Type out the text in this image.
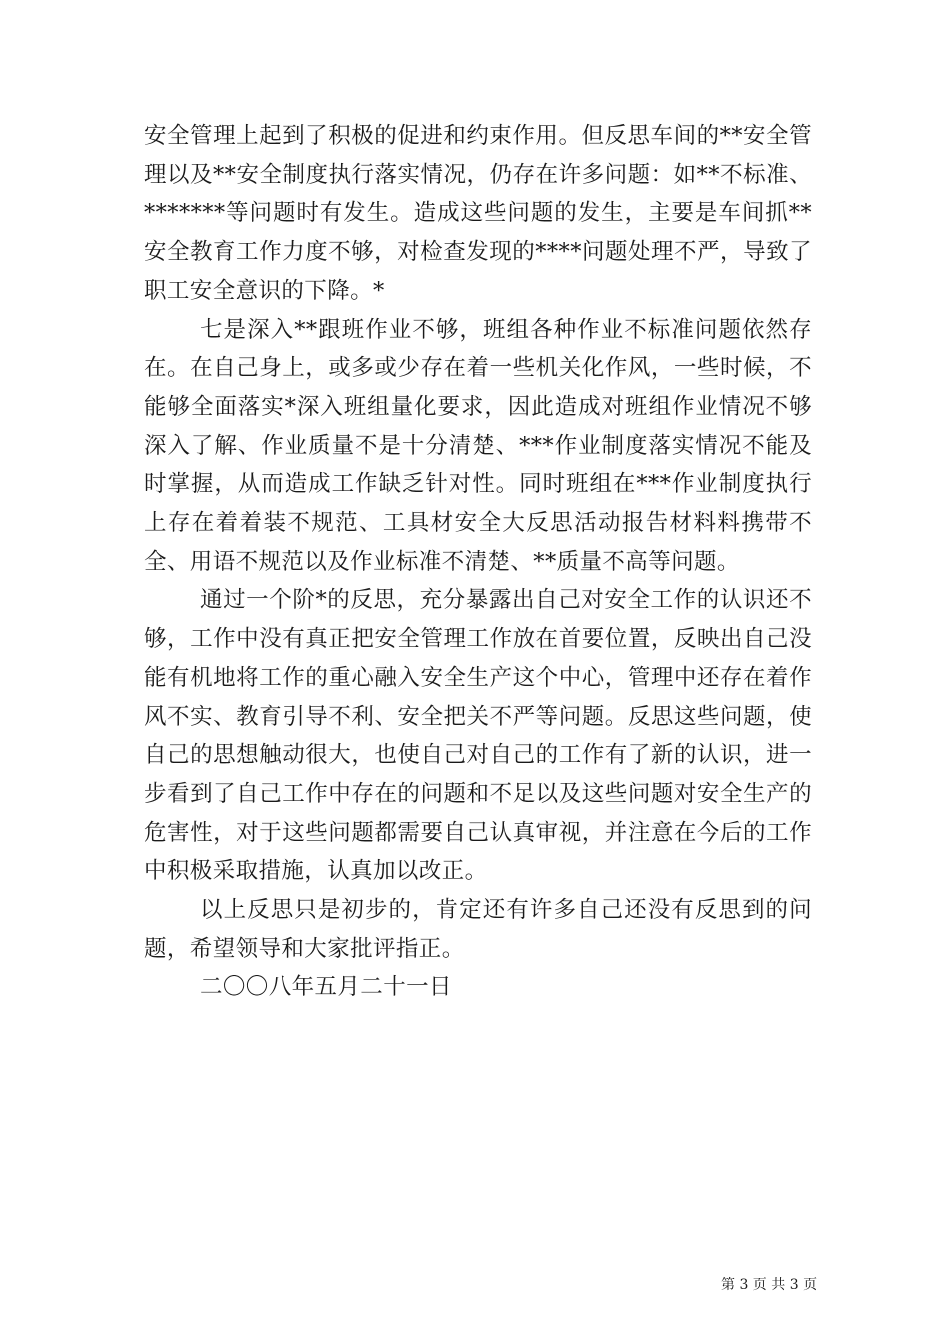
安全管理上起到了积极的促进和约束作用。但反思车间的**安全管理以及**安全制度执行落实情况，仍存在许多问题：如**不标准、*******等问题时有发生。造成这些问题的发生，主要是车间抓**安全教育工作力度不够，对检查发现的****问题处理不严，导致了职工安全意识的下降。*

七是深入**跟班作业不够，班组各种作业不标准问题依然存在。在自己身上，或多或少存在着一些机关化作风，一些时候，不能够全面落实*深入班组量化要求，因此造成对班组作业情况不够深入了解、作业质量不是十分清楚、***作业制度落实情况不能及时掌握，从而造成工作缺乏针对性。同时班组在***作业制度执行上存在着着装不规范、工具材安全大反思活动报告材料料携带不全、用语不规范以及作业标准不清楚、**质量不高等问题。

通过一个阶*的反思，充分暴露出自己对安全工作的认识还不够，工作中没有真正把安全管理工作放在首要位置，反映出自己没能有机地将工作的重心融入安全生产这个中心，管理中还存在着作风不实、教育引导不利、安全把关不严等问题。反思这些问题，使自己的思想触动很大，也使自己对自己的工作有了新的认识，进一步看到了自己工作中存在的问题和不足以及这些问题对安全生产的危害性，对于这些问题都需要自己认真审视，并注意在今后的工作中积极采取措施，认真加以改正。

以上反思只是初步的，肯定还有许多自己还没有反思到的问题，希望领导和大家批评指正。

二〇〇八年五月二十一日

第 3 页 共 3 页
